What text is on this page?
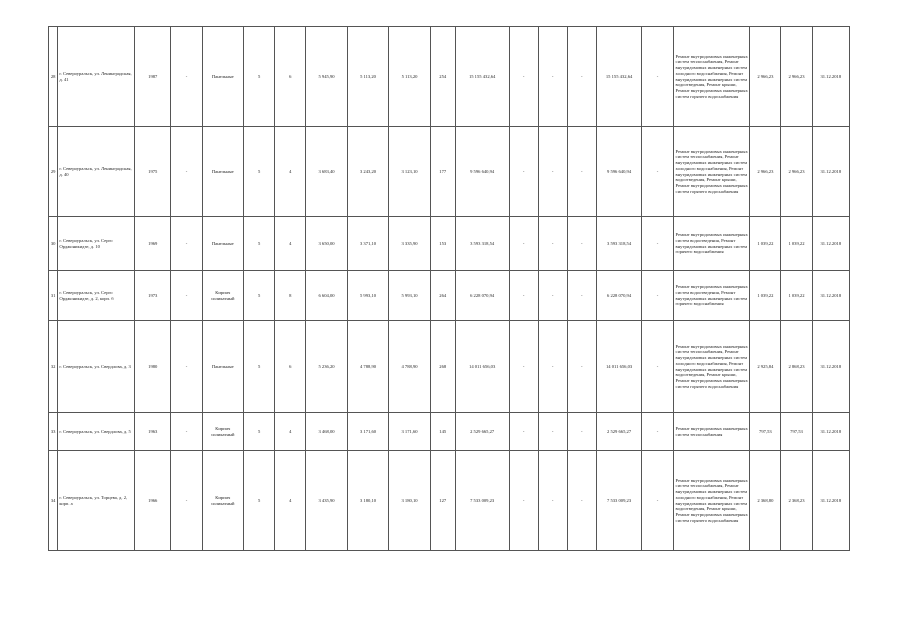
28	г. Североуральск, ул. Ленинградская, д. 41	1987	-	Панельные	5	6	5 945,90	5 113,20	5 113,20	254	15 155 432,64	-	-	-	15 155 432,64	-	Ремонт внутридомовых инженерных систем теплоснабжения, Ремонт внутридомовых инженерных систем холодного водоснабжения, Ремонт внутридомовых инженерных систем водоотведения, Ремонт крыши, Ремонт внутридомовых инженерных систем горячего водоснабжения	2 966,23	2 966,23	31.12.2018
29	г. Североуральск, ул. Ленинградская, д. 40	1975	-	Панельные	5	4	3 683,40	3 243,20	3 123,10	177	9 596 640,94	-	-	-	9 596 640,94	-	Ремонт внутридомовых инженерных систем теплоснабжения, Ремонт внутридомовых инженерных систем холодного водоснабжения, Ремонт внутридомовых инженерных систем водоотведения, Ремонт крыши, Ремонт внутридомовых инженерных систем горячего водоснабжения	2 966,23	2 966,23	31.12.2018
30	г. Североуральск, ул. Серго Орджоникидзе, д. 10	1969	-	Панельные	5	4	3 650,00	3 371,10	3 335,90	153	3 593 318,54	-	-	-	3 593 318,54	-	Ремонт внутридомовых инженерных систем водоотведения, Ремонт внутридомовых инженерных систем горячего водоснабжения	1 039,22	1 039,22	31.12.2018
31	г. Североуральск, ул. Серго Орджоникидзе, д. 2, корп. б	1973	-	Кирпич силикатный	5	8	6 604,00	5 993,10	5 993,10	264	6 228 070,94	-	-	-	6 228 070,94	-	Ремонт внутридомовых инженерных систем водоотведения, Ремонт внутридомовых инженерных систем горячего водоснабжения	1 039,22	1 039,22	31.12.2018
32	г. Североуральск, ул. Свердлова, д. 3	1980	-	Панельные	5	6	5 236,20	4 788,90	4 788,90	268	14 011 656,03	-	-	-	14 011 656,03	-	Ремонт внутридомовых инженерных систем теплоснабжения, Ремонт внутридомовых инженерных систем холодного водоснабжения, Ремонт внутридомовых инженерных систем водоотведения, Ремонт крыши, Ремонт внутридомовых инженерных систем горячего водоснабжения	2 925,84	2 868,23	31.12.2018
33	г. Североуральск, ул. Свердлова, д. 5	1963	-	Кирпич силикатный	5	4	3 468,00	3 171,60	3 171,60	145	2 529 665,27	-	-	-	2 529 665,27	-	Ремонт внутридомовых инженерных систем теплоснабжения	797,53	797,53	31.12.2018
34	г. Североуральск, ул. Торцева, д. 2, корп. а	1966	-	Кирпич силикатный	5	4	3 435,90	3 180,10	3 180,10	127	7 533 009,23	-	-	-	7 533 009,23	-	Ремонт внутридомовых инженерных систем теплоснабжения, Ремонт внутридомовых инженерных систем холодного водоснабжения, Ремонт внутридомовых инженерных систем водоотведения, Ремонт крыши, Ремонт внутридомовых инженерных систем горячего водоснабжения	2 368,80	2 368,23	31.12.2018
